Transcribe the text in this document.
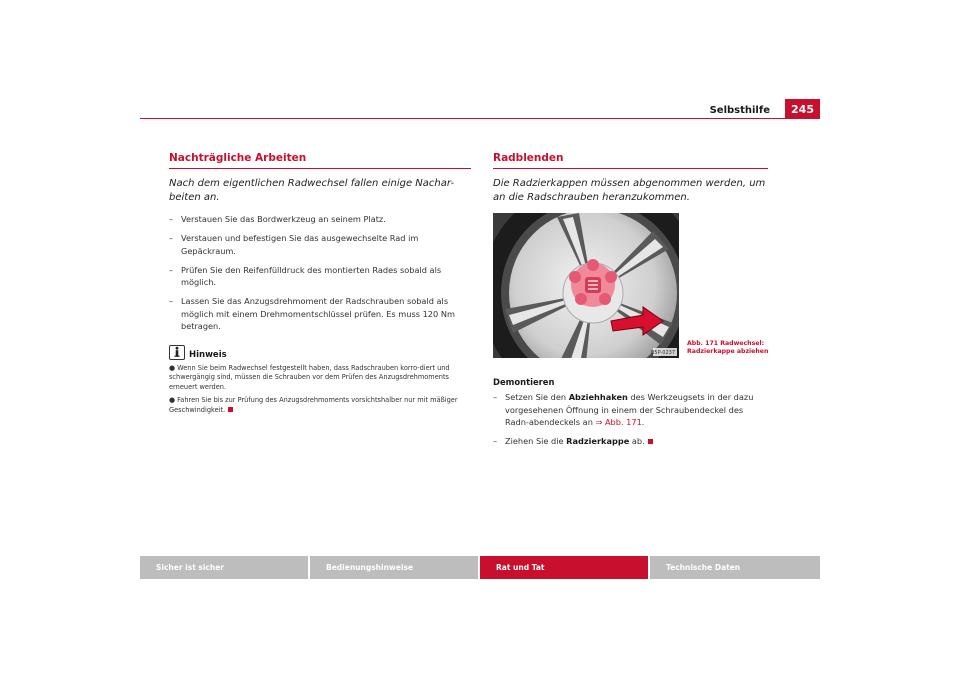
Selbsthilfe	245
Nachträgliche Arbeiten
Nach dem eigentlichen Radwechsel fallen einige Nachar-beiten an.
– Verstauen Sie das Bordwerkzeug an seinem Platz.
– Verstauen und befestigen Sie das ausgewechselte Rad im Gepäckraum.
– Prüfen Sie den Reifenfülldruck des montierten Rades sobald als möglich.
– Lassen Sie das Anzugsdrehmoment der Radschrauben sobald als möglich mit einem Drehmomentschlüssel prüfen. Es muss 120 Nm betragen.
Hinweis
● Wenn Sie beim Radwechsel festgestellt haben, dass Radschrauben korro-diert und schwergängig sind, müssen die Schrauben vor dem Prüfen des Anzugsdrehmoments erneuert werden.
● Fahren Sie bis zur Prüfung des Anzugsdrehmoments vorsichtshalber nur mit mäßiger Geschwindigkeit.
Radblenden
Die Radzierkappen müssen abgenommen werden, um an die Radschrauben heranzukommen.
B5P-0237
Abb. 171 Radwechsel:
Radzierkappe abziehen
Demontieren
– Setzen Sie den Abziehhaken des Werkzeugsets in der dazu vorgesehenen Öffnung in einem der Schraubendeckel des Radn-abendeckels an ⇒ Abb. 171.
– Ziehen Sie die Radzierkappe ab.
Sicher ist sicher	Bedienungshinweise	Rat und Tat	Technische Daten
